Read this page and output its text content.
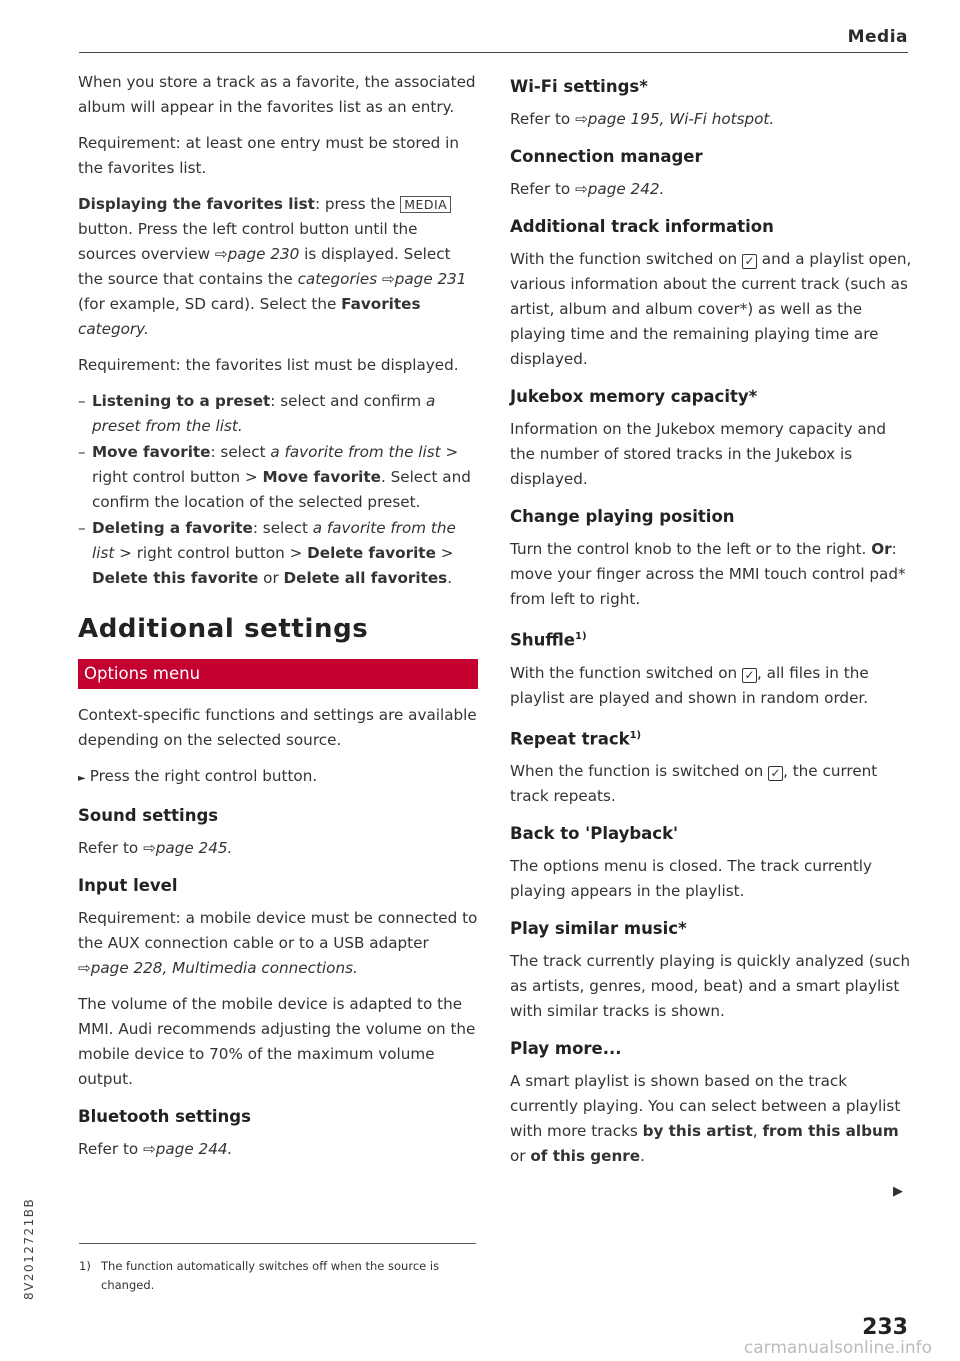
Media

When you store a track as a favorite, the associated album will appear in the favorites list as an entry.

Requirement: at least one entry must be stored in the favorites list.

Displaying the favorites list: press the MEDIA button. Press the left control button until the sources overview ⇨page 230 is displayed. Select the source that contains the categories ⇨page 231 (for example, SD card). Select the Favorites category.

Requirement: the favorites list must be displayed.

– Listening to a preset: select and confirm a preset from the list.
– Move favorite: select a favorite from the list > right control button > Move favorite. Select and confirm the location of the selected preset.
– Deleting a favorite: select a favorite from the list > right control button > Delete favorite > Delete this favorite or Delete all favorites.
Additional settings
Options menu

Context-specific functions and settings are available depending on the selected source.

► Press the right control button.
Sound settings

Refer to ⇨page 245.

Input level

Requirement: a mobile device must be connected to the AUX connection cable or to a USB adapter ⇨page 228, Multimedia connections.

The volume of the mobile device is adapted to the MMI. Audi recommends adjusting the volume on the mobile device to 70% of the maximum volume output.

Bluetooth settings

Refer to ⇨page 244.

1) The function automatically switches off when the source is changed.
Wi-Fi settings*

Refer to ⇨page 195, Wi-Fi hotspot.

Connection manager

Refer to ⇨page 242.

Additional track information

With the function switched on ✓ and a playlist open, various information about the current track (such as artist, album and album cover*) as well as the playing time and the remaining playing time are displayed.

Jukebox memory capacity*

Information on the Jukebox memory capacity and the number of stored tracks in the Jukebox is displayed.

Change playing position

Turn the control knob to the left or to the right. Or: move your finger across the MMI touch control pad* from left to right.

Shuffle$^{1)}$

With the function switched on ✓ , all files in the playlist are played and shown in random order.

Repeat track$^{1)}$

When the function is switched on ✓ , the current track repeats.

Back to 'Playback'

The options menu is closed. The track currently playing appears in the playlist.

Play similar music*

The track currently playing is quickly analyzed (such as artists, genres, mood, beat) and a smart playlist with similar tracks is shown.

Play more...

A smart playlist is shown based on the track currently playing. You can select between a playlist with more tracks by this artist, from this album or of this genre.

▶
233
8V2012721BB
carmanualsonline.info
